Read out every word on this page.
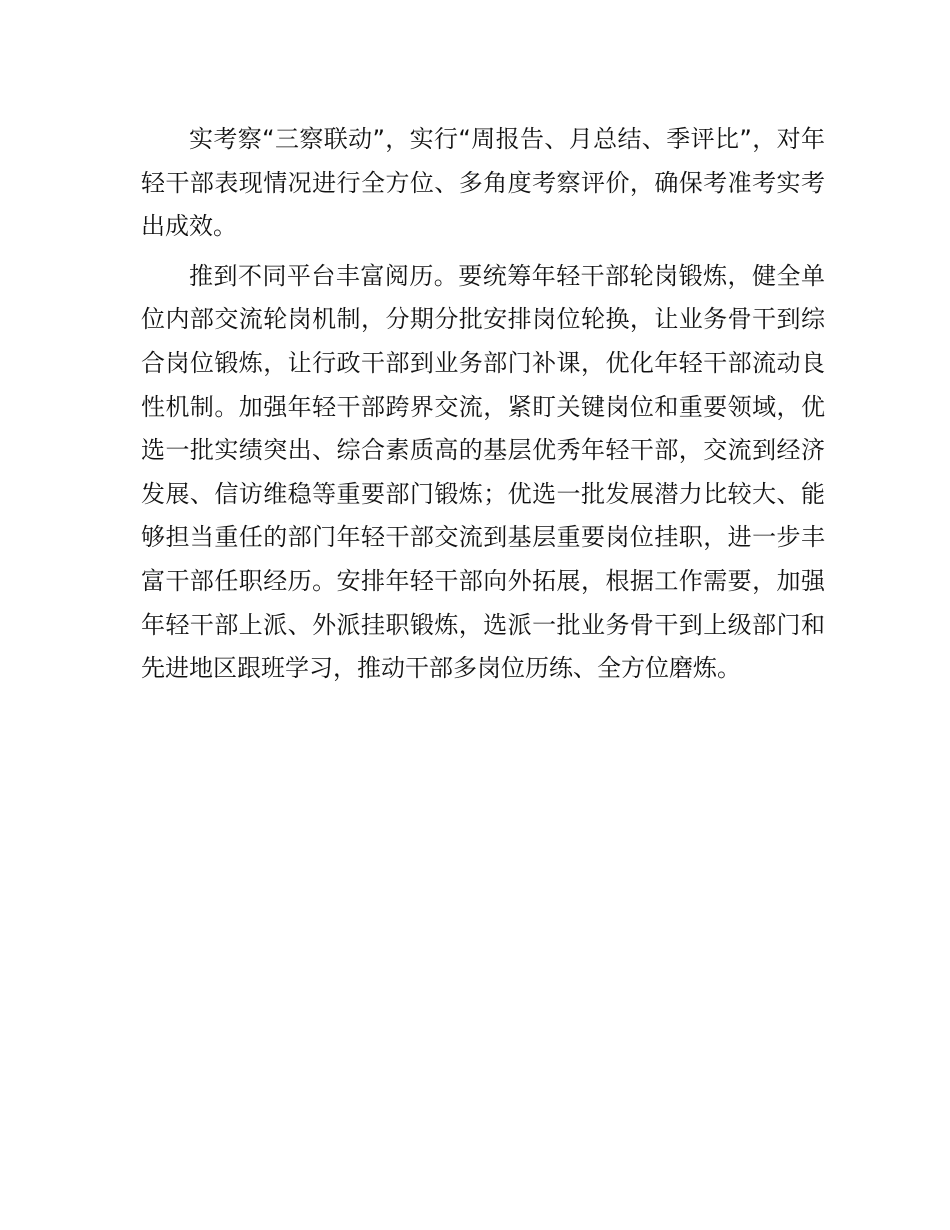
实考察“三察联动”，实行“周报告、月总结、季评比”，对年轻干部表现情况进行全方位、多角度考察评价，确保考准考实考出成效。

推到不同平台丰富阅历。要统筹年轻干部轮岗锻炼，健全单位内部交流轮岗机制，分期分批安排岗位轮换，让业务骨干到综合岗位锻炼，让行政干部到业务部门补课，优化年轻干部流动良性机制。加强年轻干部跨界交流，紧盯关键岗位和重要领域，优选一批实绩突出、综合素质高的基层优秀年轻干部，交流到经济发展、信访维稳等重要部门锻炼；优选一批发展潜力比较大、能够担当重任的部门年轻干部交流到基层重要岗位挂职，进一步丰富干部任职经历。安排年轻干部向外拓展，根据工作需要，加强年轻干部上派、外派挂职锻炼，选派一批业务骨干到上级部门和先进地区跟班学习，推动干部多岗位历练、全方位磨炼。
